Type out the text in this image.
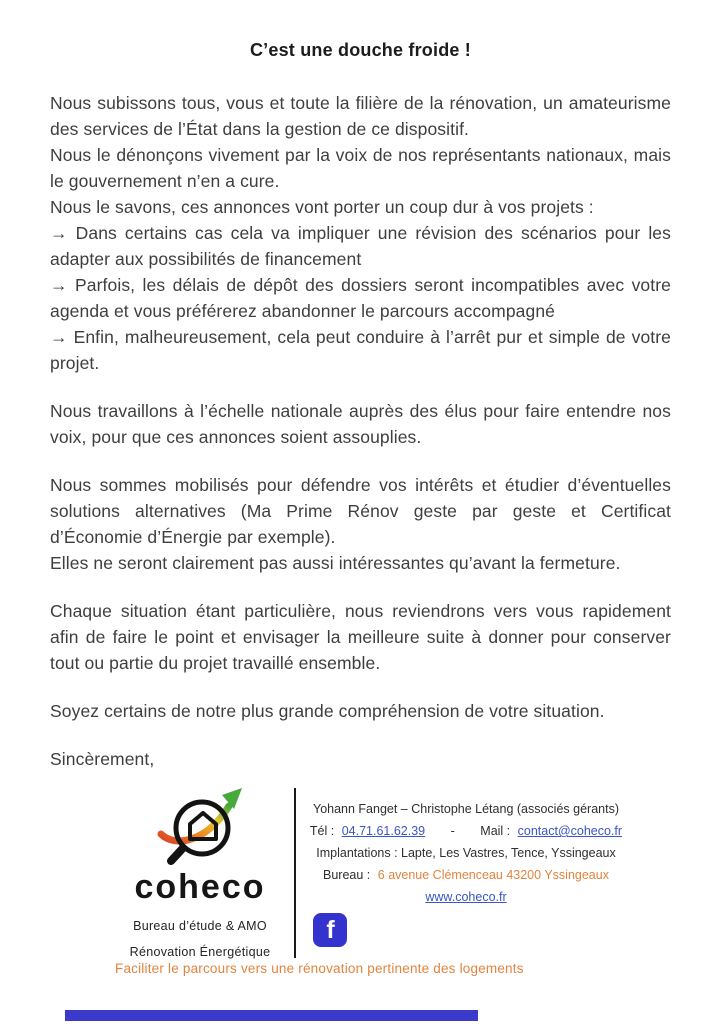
C’est une douche froide !

Nous subissons tous, vous et toute la filière de la rénovation, un amateurisme des services de l’État dans la gestion de ce dispositif.

Nous le dénonçons vivement par la voix de nos représentants nationaux, mais le gouvernement n’en a cure.

Nous le savons, ces annonces vont porter un coup dur à vos projets :

→ Dans certains cas cela va impliquer une révision des scénarios pour les adapter aux possibilités de financement

→ Parfois, les délais de dépôt des dossiers seront incompatibles avec votre agenda et vous préférerez abandonner le parcours accompagné

→ Enfin, malheureusement, cela peut conduire à l’arrêt pur et simple de votre projet.

Nous travaillons à l’échelle nationale auprès des élus pour faire entendre nos voix, pour que ces annonces soient assouplies.

Nous sommes mobilisés pour défendre vos intérêts et étudier d’éventuelles solutions alternatives (Ma Prime Rénov geste par geste et Certificat d’Économie d’Énergie par exemple).

Elles ne seront clairement pas aussi intéressantes qu’avant la fermeture.

Chaque situation étant particulière, nous reviendrons vers vous rapidement afin de faire le point et envisager la meilleure suite à donner pour conserver tout ou partie du projet travaillé ensemble.

Soyez certains de notre plus grande compréhension de votre situation.

Sincèrement,

coheco
Bureau d’étude & AMO
Rénovation Énergétique

Yohann Fanget – Christophe Létang (associés gérants)

Tél : 04.71.61.62.39 - Mail : contact@coheco.fr

Implantations : Lapte, Les Vastres, Tence, Yssingeaux

Bureau : 6 avenue Clémenceau 43200 Yssingeaux

www.coheco.fr

f
Faciliter le parcours vers une rénovation pertinente des logements
